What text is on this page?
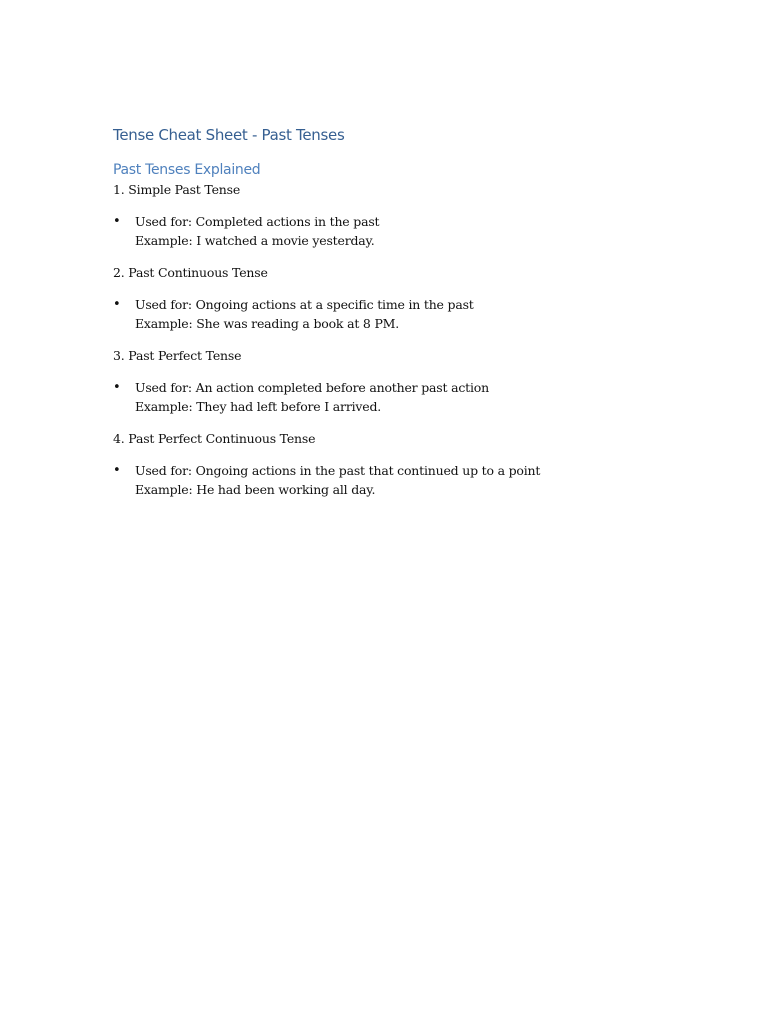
Tense Cheat Sheet - Past Tenses
Past Tenses Explained

1. Simple Past Tense

• Used for: Completed actions in the past

Example: I watched a movie yesterday.

2. Past Continuous Tense

• Used for: Ongoing actions at a specific time in the past

Example: She was reading a book at 8 PM.

3. Past Perfect Tense

• Used for: An action completed before another past action

Example: They had left before I arrived.

4. Past Perfect Continuous Tense

• Used for: Ongoing actions in the past that continued up to a point

Example: He had been working all day.
